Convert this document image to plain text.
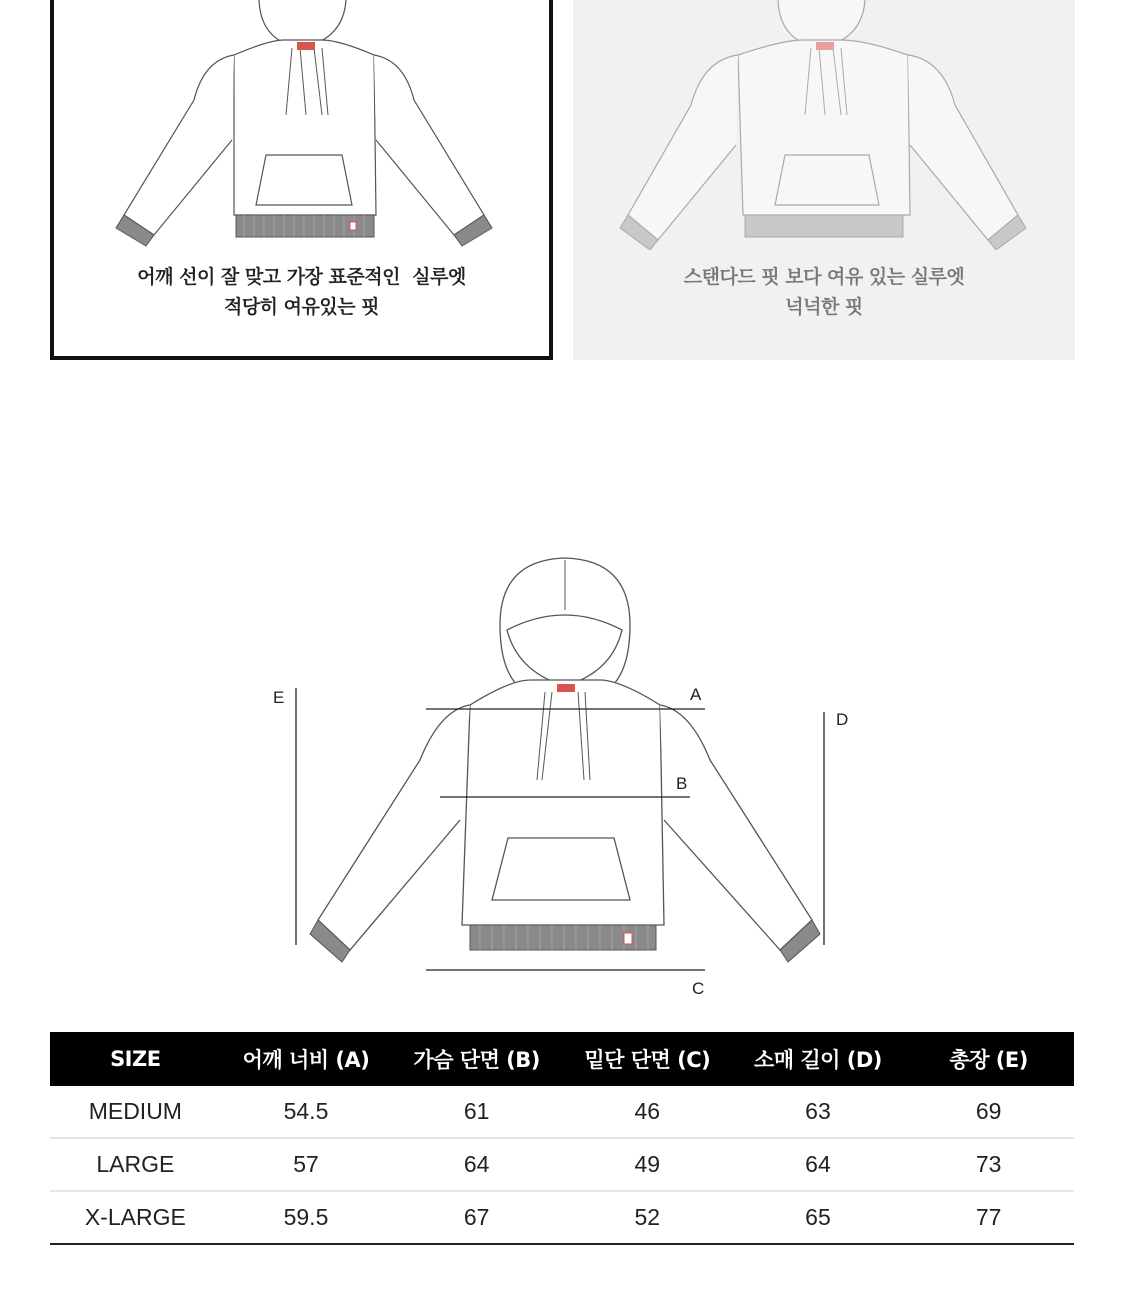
어깨 선이 잘 맞고 가장 표준적인  실루엣
적당히 여유있는 핏
스탠다드 핏 보다 여유 있는 실루엣
넉넉한 핏
A
B
C
D
E
SIZE	어깨 너비 (A)	가슴 단면 (B)	밑단 단면 (C)	소매 길이 (D)	총장 (E)
MEDIUM	54.5	61	46	63	69
LARGE	57	64	49	64	73
X-LARGE	59.5	67	52	65	77
